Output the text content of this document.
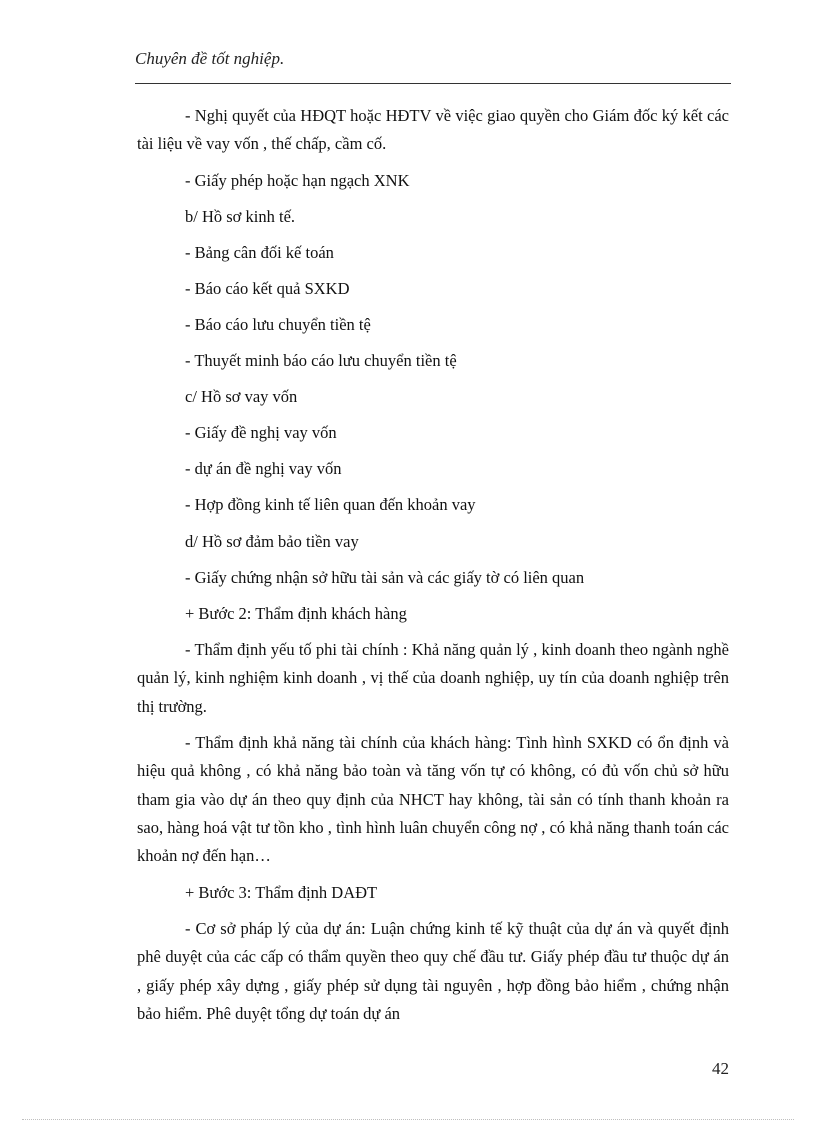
Chuyên đề tốt nghiệp.

- Nghị quyết của HĐQT hoặc HĐTV về việc giao quyền cho Giám đốc ký kết các tài liệu về vay vốn , thế chấp, cầm cố.

- Giấy phép hoặc hạn ngạch XNK

b/ Hồ sơ kinh tế.

- Bảng cân đối kế toán

- Báo cáo kết quả SXKD

- Báo cáo lưu chuyển tiền tệ

- Thuyết minh báo cáo lưu chuyển tiền tệ

c/ Hồ sơ vay vốn

- Giấy đề nghị vay vốn

- dự án đề nghị vay vốn

- Hợp đồng kinh tế liên quan đến khoản vay

d/ Hồ sơ đảm bảo tiền vay

- Giấy chứng nhận sở hữu tài sản và các giấy tờ có liên quan

+ Bước 2: Thẩm định khách hàng

- Thẩm định yếu tố phi tài chính : Khả năng quản lý , kinh doanh theo ngành nghề quản lý, kinh nghiệm kinh doanh , vị thế của doanh nghiệp, uy tín của doanh nghiệp trên thị trường.

- Thẩm định khả năng tài chính của khách hàng: Tình hình SXKD có ổn định và hiệu quả không , có khả năng bảo toàn và tăng vốn tự có không, có đủ vốn chủ sở hữu tham gia vào dự án theo quy định của NHCT hay không, tài sản có tính thanh khoản ra sao, hàng hoá vật tư tồn kho , tình hình luân chuyển công nợ , có khả năng thanh toán các khoản nợ đến hạn…

+ Bước 3: Thẩm định DAĐT

- Cơ sở pháp lý của dự án: Luận chứng kinh tế kỹ thuật của dự án và quyết định phê duyệt của các cấp có thẩm quyền theo quy chế đầu tư. Giấy phép đầu tư thuộc dự án , giấy phép xây dựng , giấy phép sử dụng tài nguyên , hợp đồng bảo hiểm , chứng nhận bảo hiểm. Phê duyệt tổng dự toán dự án

42
